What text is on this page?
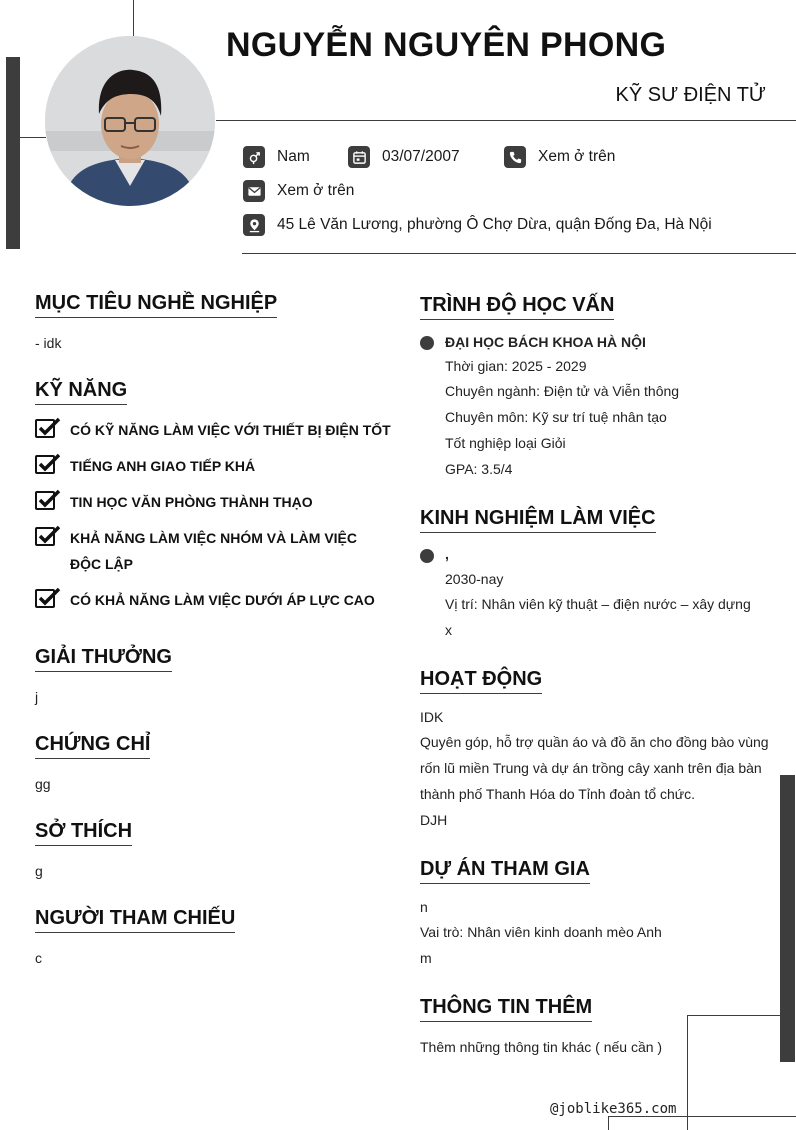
NGUYỄN NGUYÊN PHONG
KỸ SƯ ĐIỆN TỬ
Nam	03/07/2007	Xem ở trên
Xem ở trên
45 Lê Văn Lương, phường Ô Chợ Dừa, quận Đống Đa, Hà Nội
MỤC TIÊU NGHỀ NGHIỆP
- idk
KỸ NĂNG
CÓ KỸ NĂNG LÀM VIỆC VỚI THIẾT BỊ ĐIỆN TỐT
TIẾNG ANH GIAO TIẾP KHÁ
TIN HỌC VĂN PHÒNG THÀNH THẠO
KHẢ NĂNG LÀM VIỆC NHÓM VÀ LÀM VIỆC ĐỘC LẬP
CÓ KHẢ NĂNG LÀM VIỆC DƯỚI ÁP LỰC CAO
GIẢI THƯỞNG
j
CHỨNG CHỈ
gg
SỞ THÍCH
g
NGƯỜI THAM CHIẾU
c
TRÌNH ĐỘ HỌC VẤN
ĐẠI HỌC BÁCH KHOA HÀ NỘI
Thời gian: 2025 - 2029
Chuyên ngành: Điện tử và Viễn thông
Chuyên môn: Kỹ sư trí tuệ nhân tạo
Tốt nghiệp loại Giỏi
GPA: 3.5/4
KINH NGHIỆM LÀM VIỆC
,
2030-nay
Vị trí: Nhân viên kỹ thuật – điện nước – xây dựng
x
HOẠT ĐỘNG
IDK
Quyên góp, hỗ trợ quần áo và đồ ăn cho đồng bào vùng rốn lũ miền Trung và dự án trồng cây xanh trên địa bàn thành phố Thanh Hóa do Tỉnh đoàn tổ chức.
DJH
DỰ ÁN THAM GIA
n
Vai trò: Nhân viên kinh doanh mèo Anh
m
THÔNG TIN THÊM
Thêm những thông tin khác ( nếu cần )
@joblike365.com
